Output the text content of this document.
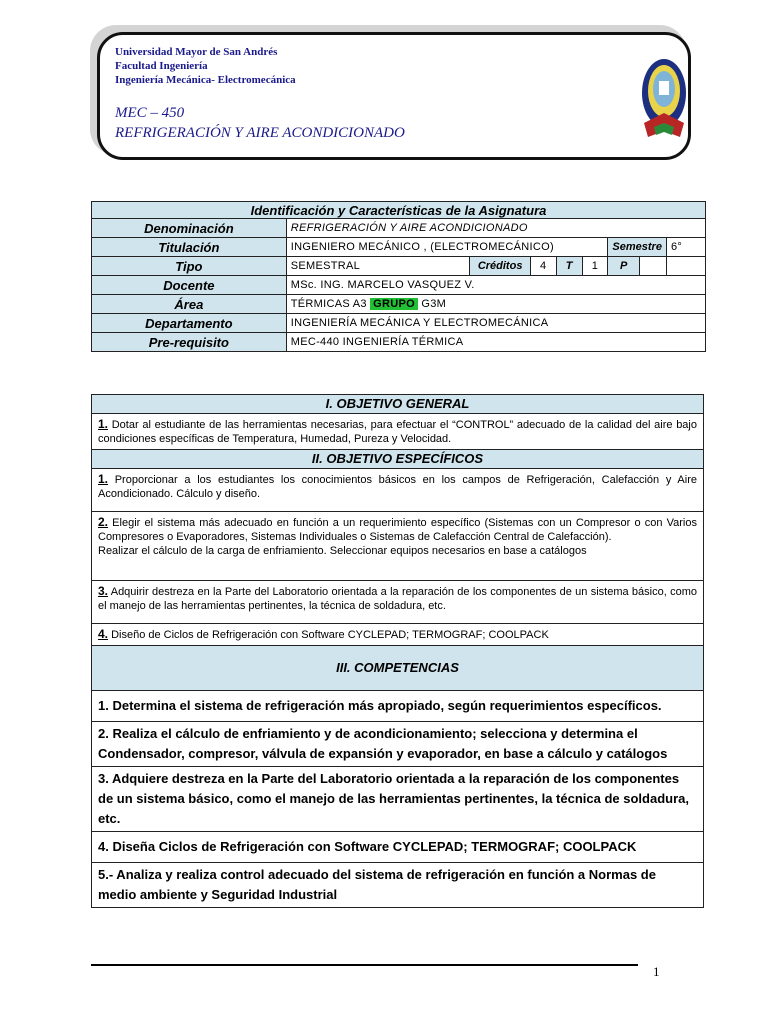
Universidad Mayor de San Andrés
Facultad Ingeniería
Ingeniería Mecánica- Electromecánica
MEC – 450
REFRIGERACIÓN Y AIRE ACONDICIONADO
Identificación y Características de la Asignatura								
Denominación	REFRIGERACIÓN Y AIRE ACONDICIONADO							
Titulación	INGENIERO MECÁNICO , (ELECTROMECÁNICO)					Semestre		6°
Tipo	SEMESTRAL	Créditos	4	T	1	P		
Docente	MSc. ING. MARCELO VASQUEZ V.							
Área	TÉRMICAS A3 GRUPO G3M							
Departamento	INGENIERÍA MECÁNICA Y ELECTROMECÁNICA							
Pre-requisito	MEC-440 INGENIERÍA TÉRMICA							
I. OBJETIVO GENERAL
1. Dotar al estudiante de las herramientas necesarias, para efectuar el “CONTROL” adecuado de la calidad del aire bajo condiciones específicas de Temperatura, Humedad, Pureza y Velocidad.
II. OBJETIVO ESPECÍFICOS
1. Proporcionar a los estudiantes los conocimientos básicos en los campos de Refrigeración, Calefacción y Aire Acondicionado. Cálculo y diseño.
2. Elegir el sistema más adecuado en función a un requerimiento específico (Sistemas con un Compresor o con Varios Compresores o Evaporadores, Sistemas Individuales o Sistemas de Calefacción Central de Calefacción).
Realizar el cálculo de la carga de enfriamiento. Seleccionar equipos necesarios en base a catálogos
3. Adquirir destreza en la Parte del Laboratorio orientada a la reparación de los componentes de un sistema básico, como el manejo de las herramientas pertinentes, la técnica de soldadura, etc.
4. Diseño de Ciclos de Refrigeración con Software CYCLEPAD; TERMOGRAF; COOLPACK
III. COMPETENCIAS
1. Determina el sistema de refrigeración más apropiado, según requerimientos específicos.
2. Realiza el cálculo de enfriamiento y de acondicionamiento; selecciona y determina el Condensador, compresor, válvula de expansión y evaporador, en base a cálculo y catálogos
3. Adquiere destreza en la Parte del Laboratorio orientada a la reparación de los componentes de un sistema básico, como el manejo de las herramientas pertinentes, la técnica de soldadura, etc.
4. Diseña Ciclos de Refrigeración con Software CYCLEPAD; TERMOGRAF; COOLPACK
5.- Analiza y realiza control adecuado del sistema de refrigeración en función a Normas de medio ambiente y Seguridad Industrial
1
